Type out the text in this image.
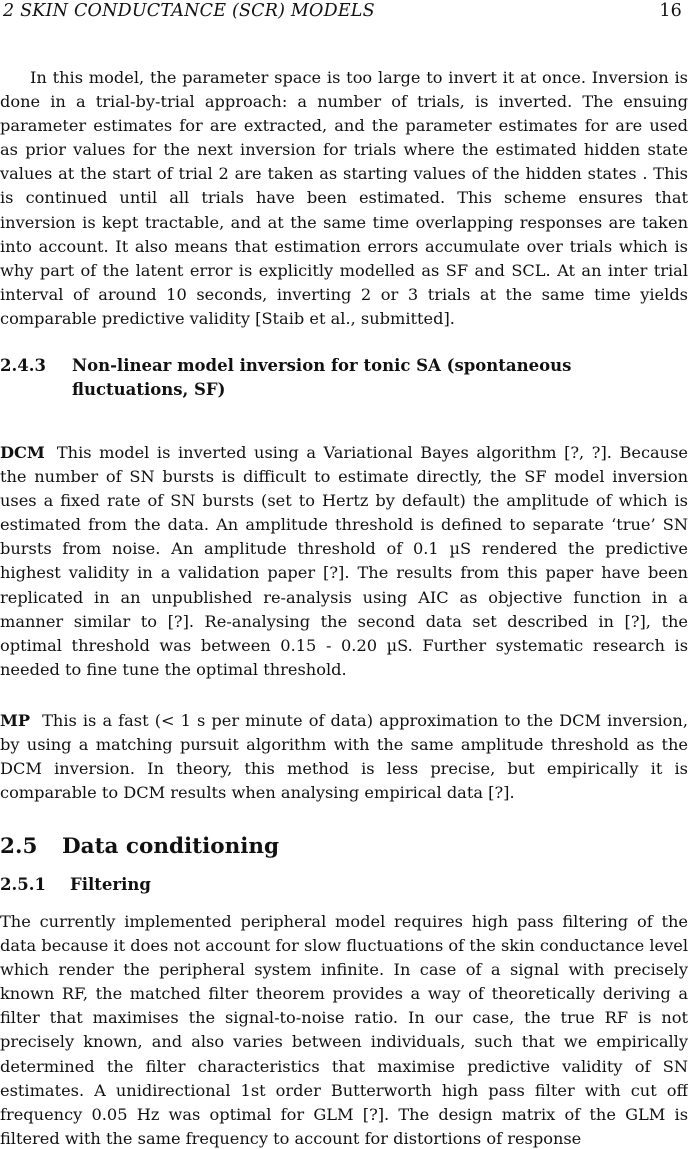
2 SKIN CONDUCTANCE (SCR) MODELS	16

In this model, the parameter space is too large to invert it at once. Inversion is done in a trial-by-trial approach: a number of trials, is inverted. The ensuing parameter estimates for are extracted, and the parameter estimates for are used as prior values for the next inversion for trials where the estimated hidden state values at the start of trial 2 are taken as starting values of the hidden states . This is continued until all trials have been estimated. This scheme ensures that inversion is kept tractable, and at the same time overlapping responses are taken into account. It also means that estimation errors accumulate over trials which is why part of the latent error is explicitly modelled as SF and SCL. At an inter trial interval of around 10 seconds, inverting 2 or 3 trials at the same time yields comparable predictive validity [Staib et al., submitted].

2.4.3 Non-linear model inversion for tonic SA (spontaneous fluctuations, SF)

DCM This model is inverted using a Variational Bayes algorithm [?, ?]. Because the number of SN bursts is difficult to estimate directly, the SF model inversion uses a fixed rate of SN bursts (set to Hertz by default) the amplitude of which is estimated from the data. An amplitude threshold is defined to separate ‘true’ SN bursts from noise. An amplitude threshold of 0.1 µS rendered the predictive highest validity in a validation paper [?]. The results from this paper have been replicated in an unpublished re-analysis using AIC as objective function in a manner similar to [?]. Re-analysing the second data set described in [?], the optimal threshold was between 0.15 - 0.20 µS. Further systematic research is needed to fine tune the optimal threshold.

MP This is a fast (< 1 s per minute of data) approximation to the DCM inversion, by using a matching pursuit algorithm with the same amplitude threshold as the DCM inversion. In theory, this method is less precise, but empirically it is comparable to DCM results when analysing empirical data [?].

2.5 Data conditioning
2.5.1 Filtering

The currently implemented peripheral model requires high pass filtering of the data because it does not account for slow fluctuations of the skin conductance level which render the peripheral system infinite. In case of a signal with precisely known RF, the matched filter theorem provides a way of theoretically deriving a filter that maximises the signal-to-noise ratio. In our case, the true RF is not precisely known, and also varies between individuals, such that we empirically determined the filter characteristics that maximise predictive validity of SN estimates. A unidirectional 1st order Butterworth high pass filter with cut off frequency 0.05 Hz was optimal for GLM [?]. The design matrix of the GLM is filtered with the same frequency to account for distortions of response
